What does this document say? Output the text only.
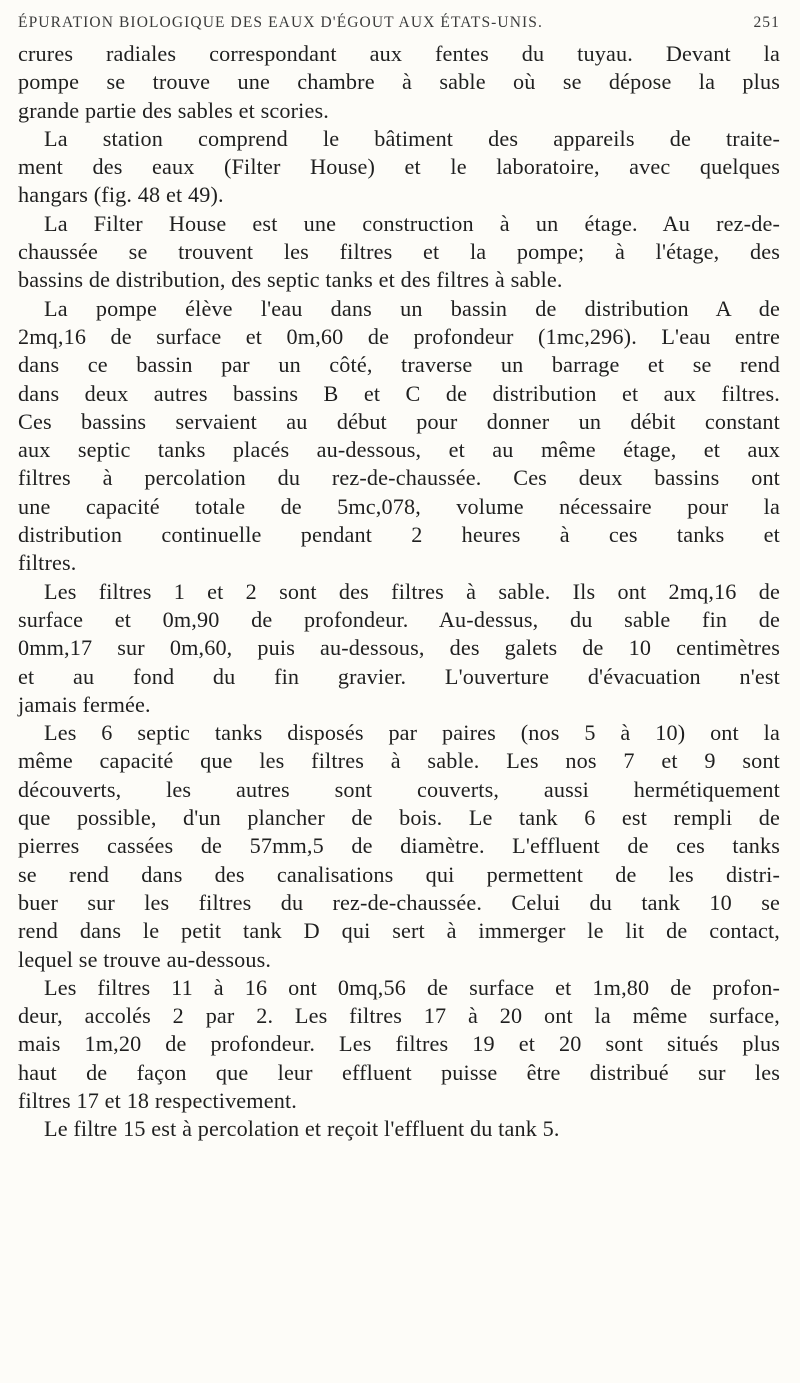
ÉPURATION BIOLOGIQUE DES EAUX D'ÉGOUT AUX ÉTATS-UNIS.	251
crures radiales correspondant aux fentes du tuyau. Devant la
pompe se trouve une chambre à sable où se dépose la plus
grande partie des sables et scories.
La station comprend le bâtiment des appareils de traite-
ment des eaux (Filter House) et le laboratoire, avec quelques
hangars (fig. 48 et 49).
La Filter House est une construction à un étage. Au rez-de-
chaussée se trouvent les filtres et la pompe; à l'étage, des
bassins de distribution, des septic tanks et des filtres à sable.
La pompe élève l'eau dans un bassin de distribution A de
2mq,16 de surface et 0m,60 de profondeur (1mc,296). L'eau entre
dans ce bassin par un côté, traverse un barrage et se rend
dans deux autres bassins B et C de distribution et aux filtres.
Ces bassins servaient au début pour donner un débit constant
aux septic tanks placés au-dessous, et au même étage, et aux
filtres à percolation du rez-de-chaussée. Ces deux bassins ont
une capacité totale de 5mc,078, volume nécessaire pour la
distribution continuelle pendant 2 heures à ces tanks et
filtres.
Les filtres 1 et 2 sont des filtres à sable. Ils ont 2mq,16 de
surface et 0m,90 de profondeur. Au-dessus, du sable fin de
0mm,17 sur 0m,60, puis au-dessous, des galets de 10 centimètres
et au fond du fin gravier. L'ouverture d'évacuation n'est
jamais fermée.
Les 6 septic tanks disposés par paires (nos 5 à 10) ont la
même capacité que les filtres à sable. Les nos 7 et 9 sont
découverts, les autres sont couverts, aussi hermétiquement
que possible, d'un plancher de bois. Le tank 6 est rempli de
pierres cassées de 57mm,5 de diamètre. L'effluent de ces tanks
se rend dans des canalisations qui permettent de les distri-
buer sur les filtres du rez-de-chaussée. Celui du tank 10 se
rend dans le petit tank D qui sert à immerger le lit de contact,
lequel se trouve au-dessous.
Les filtres 11 à 16 ont 0mq,56 de surface et 1m,80 de profon-
deur, accolés 2 par 2. Les filtres 17 à 20 ont la même surface,
mais 1m,20 de profondeur. Les filtres 19 et 20 sont situés plus
haut de façon que leur effluent puisse être distribué sur les
filtres 17 et 18 respectivement.
Le filtre 15 est à percolation et reçoit l'effluent du tank 5.
